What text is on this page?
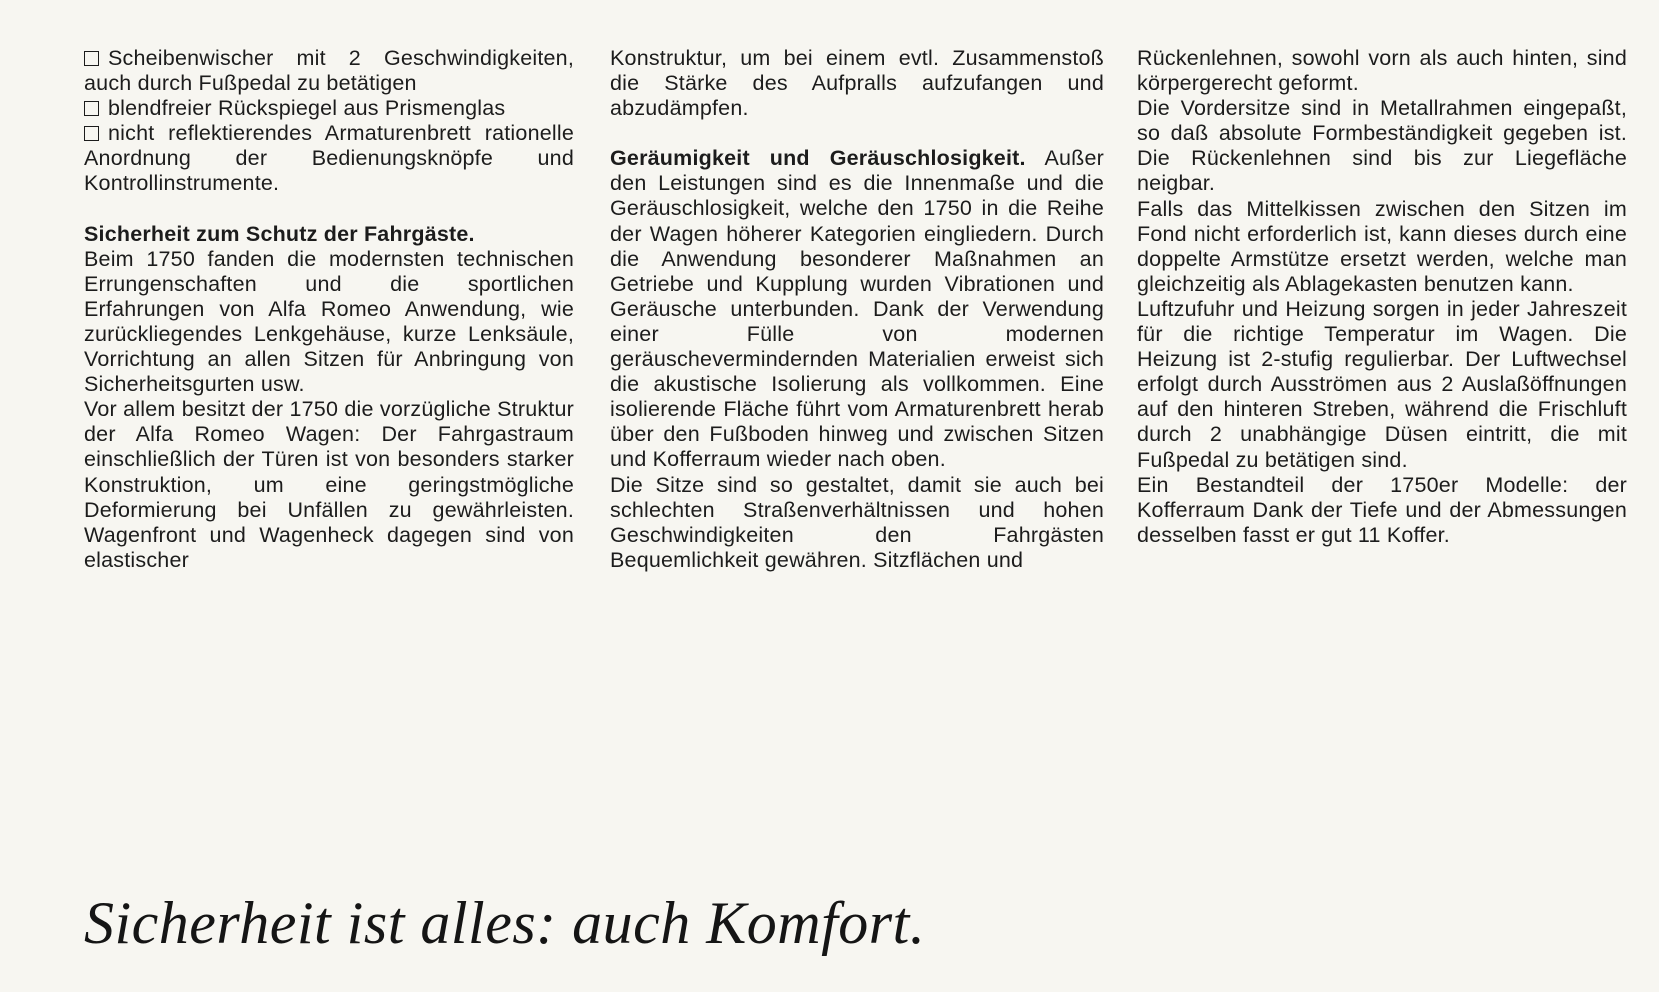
Scheibenwischer mit 2 Geschwindigkeiten, auch durch Fußpedal zu betätigen

blendfreier Rückspiegel aus Prismenglas

nicht reflektierendes Armaturenbrett rationelle Anordnung der Bedienungsknöpfe und Kontrollinstrumente.

Sicherheit zum Schutz der Fahrgäste.

Beim 1750 fanden die modernsten technischen Errungenschaften und die sportlichen Erfahrungen von Alfa Romeo Anwendung, wie zurückliegendes Lenkgehäuse, kurze Lenksäule, Vorrichtung an allen Sitzen für Anbringung von Sicherheitsgurten usw.

Vor allem besitzt der 1750 die vorzügliche Struktur der Alfa Romeo Wagen: Der Fahrgastraum einschließlich der Türen ist von besonders starker Konstruktion, um eine geringstmögliche Deformierung bei Unfällen zu gewährleisten. Wagenfront und Wagenheck dagegen sind von elastischer

Konstruktur, um bei einem evtl. Zusammenstoß die Stärke des Aufpralls aufzufangen und abzudämpfen.

Geräumigkeit und Geräuschlosigkeit. Außer den Leistungen sind es die Innenmaße und die Geräuschlosigkeit, welche den 1750 in die Reihe der Wagen höherer Kategorien eingliedern. Durch die Anwendung besonderer Maßnahmen an Getriebe und Kupplung wurden Vibrationen und Geräusche unterbunden. Dank der Verwendung einer Fülle von modernen geräuschevermindernden Materialien erweist sich die akustische Isolierung als vollkommen. Eine isolierende Fläche führt vom Armaturenbrett herab über den Fußboden hinweg und zwischen Sitzen und Kofferraum wieder nach oben.

Die Sitze sind so gestaltet, damit sie auch bei schlechten Straßenverhältnissen und hohen Geschwindigkeiten den Fahrgästen Bequemlichkeit gewähren. Sitzflächen und

Rückenlehnen, sowohl vorn als auch hinten, sind körpergerecht geformt.

Die Vordersitze sind in Metallrahmen eingepaßt, so daß absolute Formbeständigkeit gegeben ist. Die Rückenlehnen sind bis zur Liegefläche neigbar.

Falls das Mittelkissen zwischen den Sitzen im Fond nicht erforderlich ist, kann dieses durch eine doppelte Armstütze ersetzt werden, welche man gleichzeitig als Ablagekasten benutzen kann.

Luftzufuhr und Heizung sorgen in jeder Jahreszeit für die richtige Temperatur im Wagen. Die Heizung ist 2-stufig regulierbar. Der Luftwechsel erfolgt durch Ausströmen aus 2 Auslaßöffnungen auf den hinteren Streben, während die Frischluft durch 2 unabhängige Düsen eintritt, die mit Fußpedal zu betätigen sind.

Ein Bestandteil der 1750er Modelle: der Kofferraum Dank der Tiefe und der Abmessungen desselben fasst er gut 11 Koffer.

Sicherheit ist alles: auch Komfort.
